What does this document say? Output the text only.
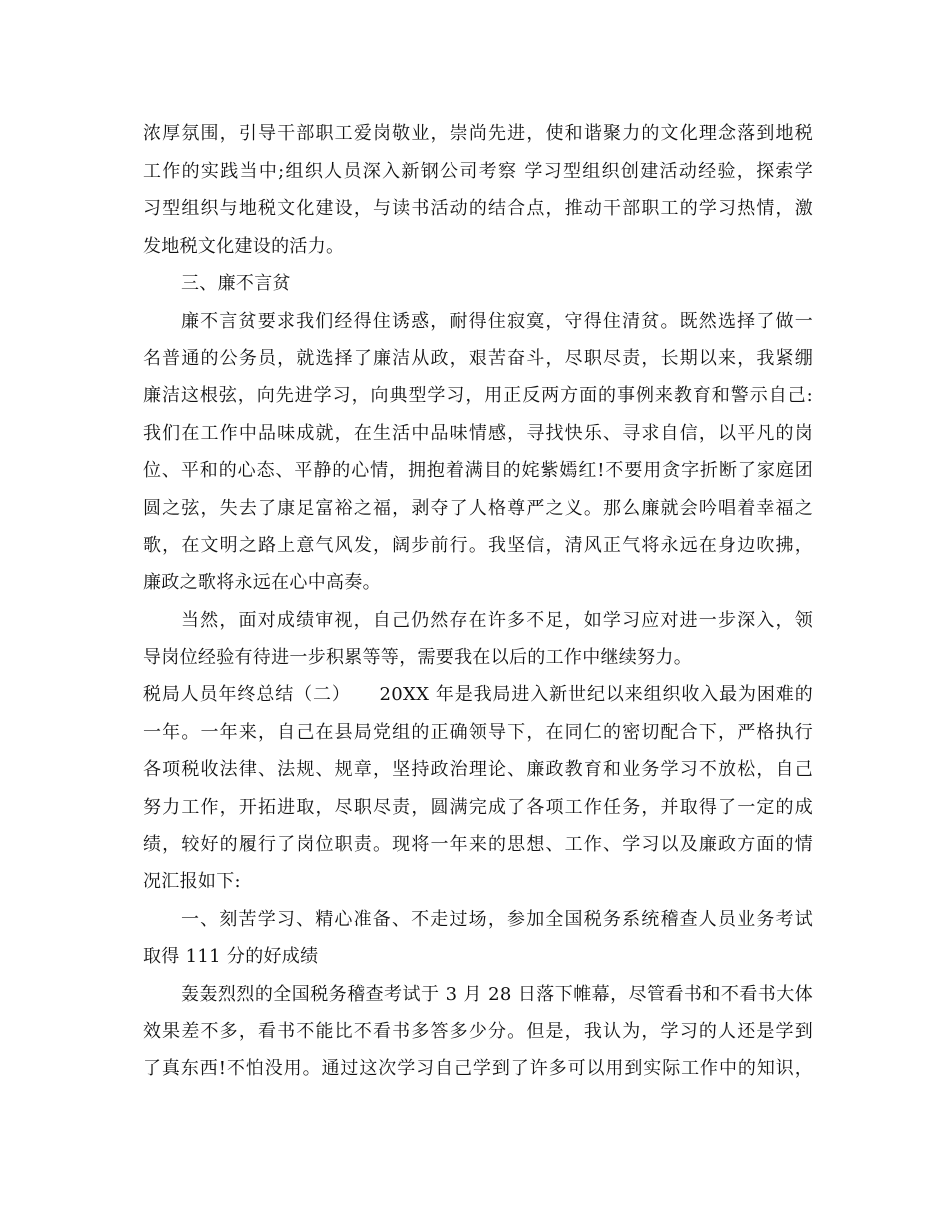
浓厚氛围，引导干部职工爱岗敬业，崇尚先进，使和谐聚力的文化理念落到地税
工作的实践当中;组织人员深入新钢公司考察 学习型组织创建活动经验，探索学
习型组织与地税文化建设，与读书活动的结合点，推动干部职工的学习热情，激
发地税文化建设的活力。
三、廉不言贫
廉不言贫要求我们经得住诱惑，耐得住寂寞，守得住清贫。既然选择了做一
名普通的公务员，就选择了廉洁从政，艰苦奋斗，尽职尽责，长期以来，我紧绷
廉洁这根弦，向先进学习，向典型学习，用正反两方面的事例来教育和警示自己:
我们在工作中品味成就，在生活中品味情感，寻找快乐、寻求自信，以平凡的岗
位、平和的心态、平静的心情，拥抱着满目的姹紫嫣红!不要用贪字折断了家庭团
圆之弦，失去了康足富裕之福，剥夺了人格尊严之义。那么廉就会吟唱着幸福之
歌，在文明之路上意气风发，阔步前行。我坚信，清风正气将永远在身边吹拂，
廉政之歌将永远在心中高奏。
当然，面对成绩审视，自己仍然存在许多不足，如学习应对进一步深入，领
导岗位经验有待进一步积累等等，需要我在以后的工作中继续努力。
税局人员年终总结（二）　　20XX 年是我局进入新世纪以来组织收入最为困难的
一年。一年来，自己在县局党组的正确领导下，在同仁的密切配合下，严格执行
各项税收法律、法规、规章，坚持政治理论、廉政教育和业务学习不放松，自己
努力工作，开拓进取，尽职尽责，圆满完成了各项工作任务，并取得了一定的成
绩，较好的履行了岗位职责。现将一年来的思想、工作、学习以及廉政方面的情
况汇报如下:
一、刻苦学习、精心准备、不走过场，参加全国税务系统稽查人员业务考试
取得 111 分的好成绩
轰轰烈烈的全国税务稽查考试于 3 月 28 日落下帷幕，尽管看书和不看书大体
效果差不多，看书不能比不看书多答多少分。但是，我认为，学习的人还是学到
了真东西!不怕没用。通过这次学习自己学到了许多可以用到实际工作中的知识，
